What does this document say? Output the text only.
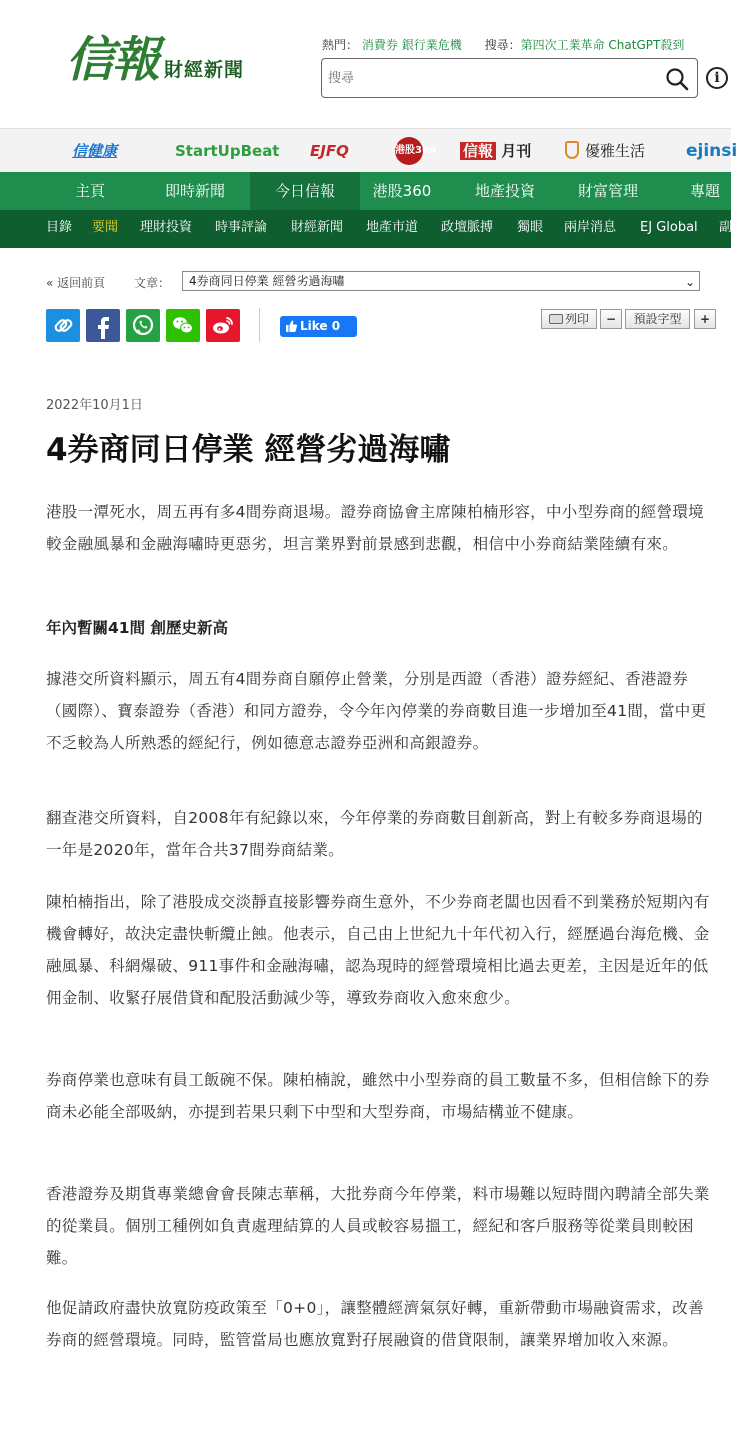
信報 財經新聞
熱門： 消費券 銀行業危機 搜尋：第四次工業革命 ChatGPT殺到
搜尋
i
信健康	StartUpBeat EJFQ	港股360 信報 月刊	優雅生活 ejinsi
主頁	即時新聞	今日信報	港股360	地產投資	財富管理	專題
目錄 要聞 理財投資 時事評論 財經新聞 地產市道 政壇脈搏 獨眼 兩岸消息 EJ Global 副
« 返回前頁 文章：	4券商同日停業 經營劣過海嘯	⌄
Like 0	列印	−	預設字型	+
2022年10月1日
4券商同日停業 經營劣過海嘯

港股一潭死水，周五再有多4間券商退場。證券商協會主席陳柏楠形容，中小型券商的經營環境較金融風暴和金融海嘯時更惡劣，坦言業界對前景感到悲觀，相信中小券商結業陸續有來。

年內暫關41間 創歷史新高

據港交所資料顯示，周五有4間券商自願停止營業，分別是西證（香港）證券經紀、香港證券（國際）、寶泰證券（香港）和同方證券，令今年內停業的券商數目進一步增加至41間，當中更不乏較為人所熟悉的經紀行，例如德意志證券亞洲和高銀證券。

翻查港交所資料，自2008年有紀錄以來，今年停業的券商數目創新高，對上有較多券商退場的一年是2020年，當年合共37間券商結業。

陳柏楠指出，除了港股成交淡靜直接影響券商生意外，不少券商老闆也因看不到業務於短期內有機會轉好，故決定盡快斬纜止蝕。他表示，自己由上世紀九十年代初入行，經歷過台海危機、金融風暴、科網爆破、911事件和金融海嘯，認為現時的經營環境相比過去更差，主因是近年的低佣金制、收緊孖展借貸和配股活動減少等，導致券商收入愈來愈少。

券商停業也意味有員工飯碗不保。陳柏楠說，雖然中小型券商的員工數量不多，但相信餘下的券商未必能全部吸納，亦提到若果只剩下中型和大型券商，市場結構並不健康。

香港證券及期貨專業總會會長陳志華稱，大批券商今年停業，料市場難以短時間內聘請全部失業的從業員。個別工種例如負責處理結算的人員或較容易搵工，經紀和客戶服務等從業員則較困難。

他促請政府盡快放寬防疫政策至「0+0」，讓整體經濟氣氛好轉，重新帶動市場融資需求，改善券商的經營環境。同時，監管當局也應放寬對孖展融資的借貸限制，讓業界增加收入來源。
